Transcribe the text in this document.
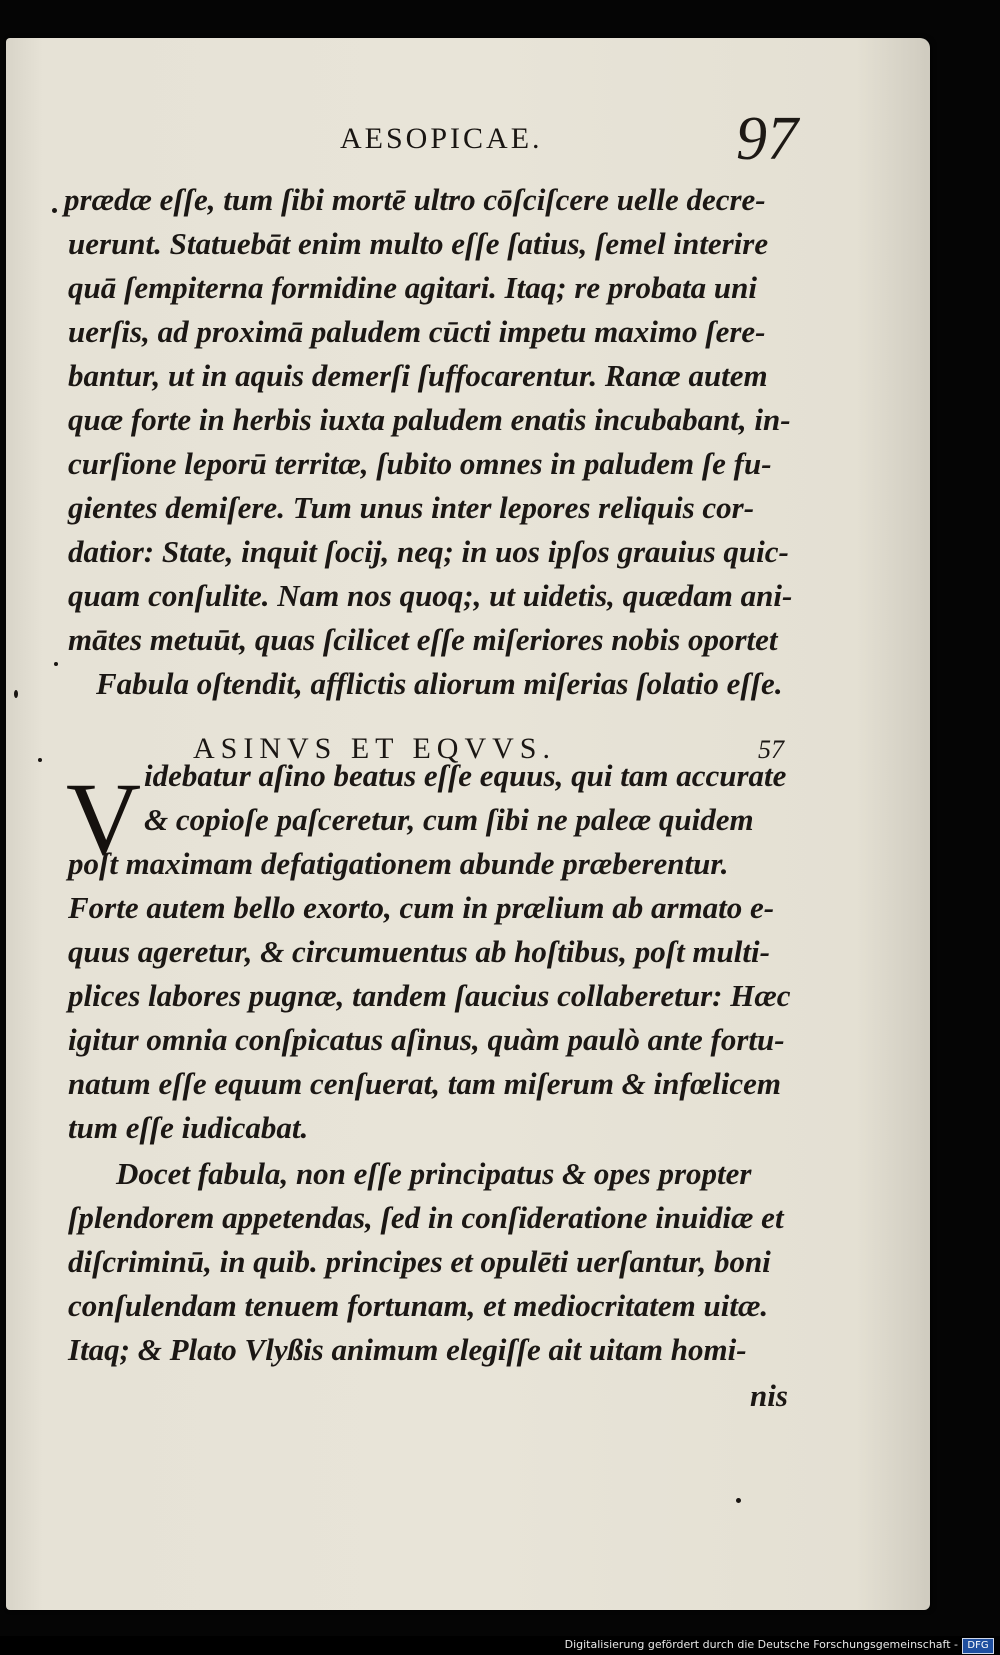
AESOPICAE.	97
prædæ eſſe, tum ſibi mortē ultro cōſciſcere uelle decre-
uerunt. Statuebāt enim multo eſſe ſatius, ſemel interire
quā ſempiterna formidine agitari. Itaq; re probata uni
uerſis, ad proximā paludem cūcti impetu maximo ſere-
bantur, ut in aquis demerſi ſuffocarentur. Ranæ autem
quæ forte in herbis iuxta paludem enatis incubabant, in-
curſione leporū territæ, ſubito omnes in paludem ſe fu-
gientes demiſere. Tum unus inter lepores reliquis cor-
datior: State, inquit ſocij, neq; in uos ipſos grauius quic-
quam conſulite. Nam nos quoq;, ut uidetis, quædam ani-
mātes metuūt, quas ſcilicet eſſe miſeriores nobis oportet
Fabula oſtendit, afflictis aliorum miſerias ſolatio eſſe.
ASINVS ET EQVVS.	57
V idebatur aſino beatus eſſe equus, qui tam accurate
& copioſe paſceretur, cum ſibi ne paleæ quidem
poſt maximam defatigationem abunde præberentur.
Forte autem bello exorto, cum in prælium ab armato e-
quus ageretur, & circumuentus ab hoſtibus, poſt multi-
plices labores pugnæ, tandem ſaucius collaberetur: Hæc
igitur omnia conſpicatus aſinus, quàm paulò ante fortu-
natum eſſe equum cenſuerat, tam miſerum & infœlicem
tum eſſe iudicabat.
Docet fabula, non eſſe principatus & opes propter
ſplendorem appetendas, ſed in conſideratione inuidiæ et
diſcriminū, in quib. principes et opulēti uerſantur, boni
conſulendam tenuem fortunam, et mediocritatem uitæ.
Itaq; & Plato Vlyßis animum elegiſſe ait uitam homi-
nis
Digitalisierung gefördert durch die Deutsche Forschungsgemeinschaft - DFG
